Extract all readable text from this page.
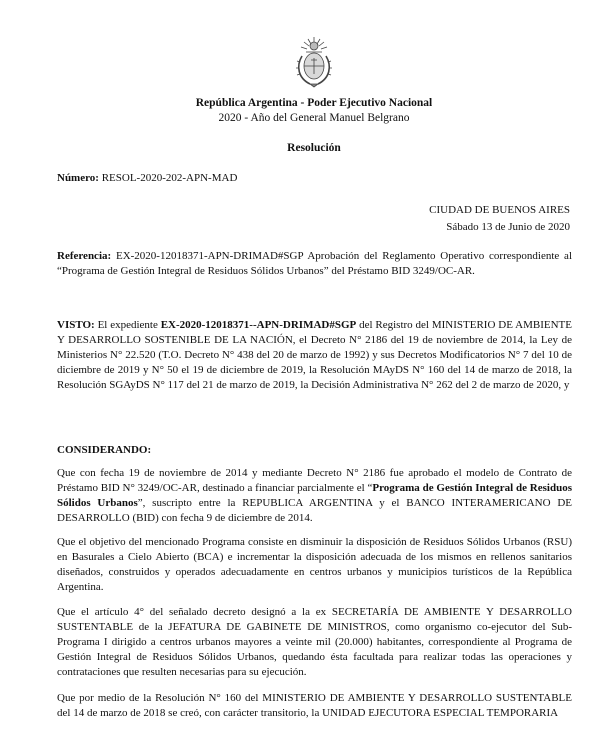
República Argentina - Poder Ejecutivo Nacional
2020 - Año del General Manuel Belgrano
Resolución
Número: RESOL-2020-202-APN-MAD
CIUDAD DE BUENOS AIRES
Sábado 13 de Junio de 2020
Referencia: EX-2020-12018371-APN-DRIMAD#SGP Aprobación del Reglamento Operativo correspondiente al
“Programa de Gestión Integral de Residuos Sólidos Urbanos” del Préstamo BID 3249/OC-AR.
VISTO: El expediente EX-2020-12018371--APN-DRIMAD#SGP del Registro del MINISTERIO DE AMBIENTE Y DESARROLLO SOSTENIBLE DE LA NACIÓN, el Decreto N° 2186 del 19 de noviembre de 2014, la Ley de Ministerios N° 22.520 (T.O. Decreto N° 438 del 20 de marzo de 1992) y sus Decretos Modificatorios N° 7 del 10 de diciembre de 2019 y N° 50 el 19 de diciembre de 2019, la Resolución MAyDS N° 160 del 14 de marzo de 2018, la Resolución SGAyDS N° 117 del 21 de marzo de 2019, la Decisión Administrativa N° 262 del 2 de marzo de 2020, y
CONSIDERANDO:
Que con fecha 19 de noviembre de 2014 y mediante Decreto N° 2186 fue aprobado el modelo de Contrato de Préstamo BID N° 3249/OC-AR, destinado a financiar parcialmente el “Programa de Gestión Integral de Residuos Sólidos Urbanos”, suscripto entre la REPUBLICA ARGENTINA y el BANCO INTERAMERICANO DE DESARROLLO (BID) con fecha 9 de diciembre de 2014.
Que el objetivo del mencionado Programa consiste en disminuir la disposición de Residuos Sólidos Urbanos (RSU) en Basurales a Cielo Abierto (BCA) e incrementar la disposición adecuada de los mismos en rellenos sanitarios diseñados, construidos y operados adecuadamente en centros urbanos y municipios turísticos de la República Argentina.
Que el artículo 4° del señalado decreto designó a la ex SECRETARÍA DE AMBIENTE Y DESARROLLO SUSTENTABLE de la JEFATURA DE GABINETE DE MINISTROS, como organismo co-ejecutor del Sub-Programa I dirigido a centros urbanos mayores a veinte mil (20.000) habitantes, correspondiente al Programa de Gestión Integral de Residuos Sólidos Urbanos, quedando ésta facultada para realizar todas las operaciones y contrataciones que resulten necesarias para su ejecución.
Que por medio de la Resolución N° 160 del MINISTERIO DE AMBIENTE Y DESARROLLO SUSTENTABLE del 14 de marzo de 2018 se creó, con carácter transitorio, la UNIDAD EJECUTORA ESPECIAL TEMPORARIA
